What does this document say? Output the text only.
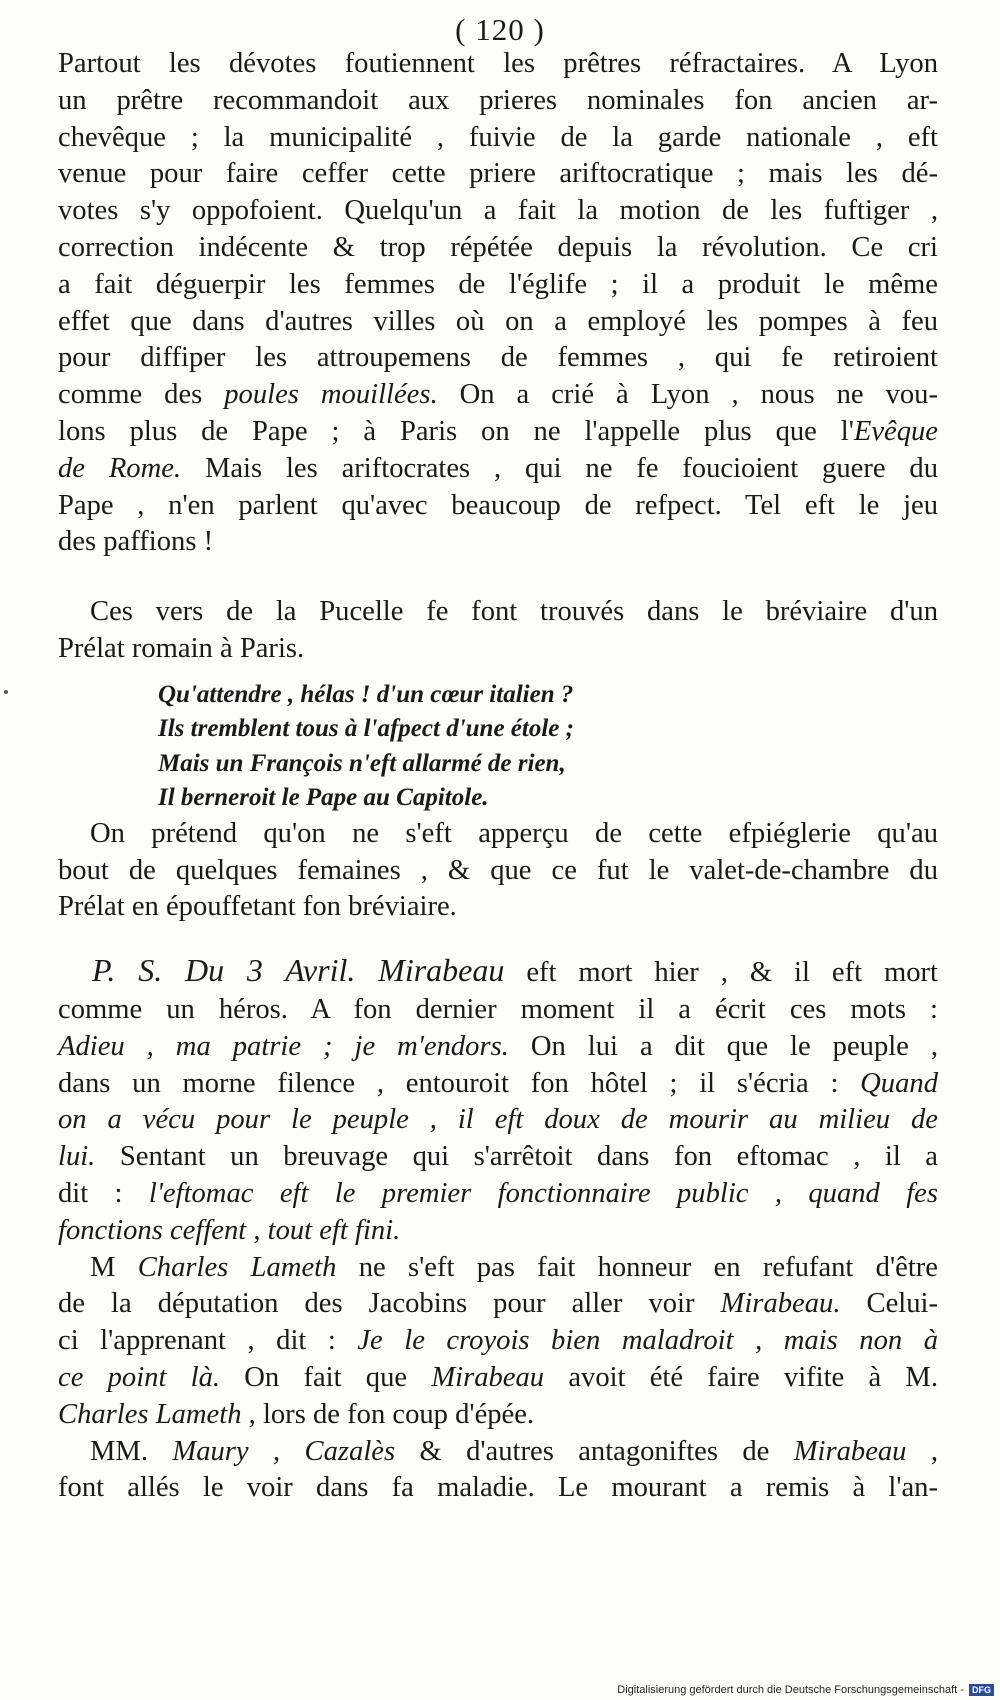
( 120 )
Partout les dévotes foutiennent les prêtres réfractaires. A Lyon
un prêtre recommandoit aux prieres nominales fon ancien ar-
chevêque ; la municipalité , fuivie de la garde nationale , eft
venue pour faire ceffer cette priere ariftocratique ; mais les dé-
votes s'y oppofoient. Quelqu'un a fait la motion de les fuftiger ,
correction indécente & trop répétée depuis la révolution. Ce cri
a fait déguerpir les femmes de l'églife ; il a produit le même
effet que dans d'autres villes où on a employé les pompes à feu
pour diffiper les attroupemens de femmes , qui fe retiroient
comme des poules mouillées. On a crié à Lyon , nous ne vou-
lons plus de Pape ; à Paris on ne l'appelle plus que l'Evêque
de Rome. Mais les ariftocrates , qui ne fe foucioient guere du
Pape , n'en parlent qu'avec beaucoup de refpect. Tel eft le jeu
des paffions !
Ces vers de la Pucelle fe font trouvés dans le bréviaire d'un
Prélat romain à Paris.
Qu'attendre , hélas ! d'un cœur italien ?
Ils tremblent tous à l'afpect d'une étole ;
Mais un François n'eft allarmé de rien,
Il berneroit le Pape au Capitole.
On prétend qu'on ne s'eft apperçu de cette efpiéglerie qu'au
bout de quelques femaines , & que ce fut le valet-de-chambre du
Prélat en épouffetant fon bréviaire.
P. S. Du 3 Avril. Mirabeau eft mort hier , & il eft mort
comme un héros. A fon dernier moment il a écrit ces mots :
Adieu , ma patrie ; je m'endors. On lui a dit que le peuple ,
dans un morne filence , entouroit fon hôtel ; il s'écria : Quand
on a vécu pour le peuple , il eft doux de mourir au milieu de
lui. Sentant un breuvage qui s'arrêtoit dans fon eftomac , il a
dit : l'eftomac eft le premier fonctionnaire public , quand fes
fonctions ceffent , tout eft fini.
M Charles Lameth ne s'eft pas fait honneur en refufant d'être
de la députation des Jacobins pour aller voir Mirabeau. Celui-
ci l'apprenant , dit : Je le croyois bien maladroit , mais non à
ce point là. On fait que Mirabeau avoit été faire vifite à M.
Charles Lameth , lors de fon coup d'épée.
MM. Maury , Cazalès & d'autres antagoniftes de Mirabeau ,
font allés le voir dans fa maladie. Le mourant a remis à l'an-
Digitalisierung gefördert durch die Deutsche Forschungsgemeinschaft - DFG
